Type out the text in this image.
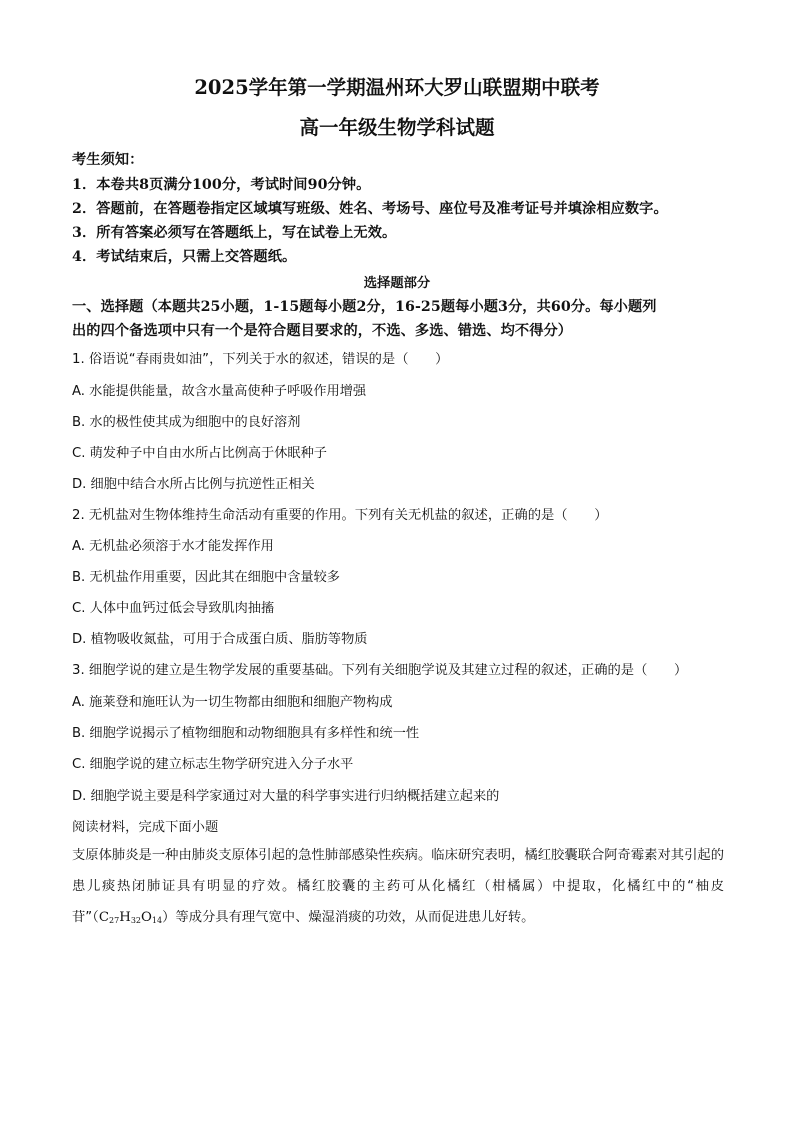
2025学年第一学期温州环大罗山联盟期中联考
高一年级生物学科试题
考生须知：
1．本卷共8页满分100分，考试时间90分钟。
2．答题前，在答题卷指定区域填写班级、姓名、考场号、座位号及准考证号并填涂相应数字。
3．所有答案必须写在答题纸上，写在试卷上无效。
4．考试结束后，只需上交答题纸。
选择题部分
一、选择题（本题共25小题，1-15题每小题2分，16-25题每小题3分，共60分。每小题列
出的四个备选项中只有一个是符合题目要求的，不选、多选、错选、均不得分）
1. 俗语说“春雨贵如油”，下列关于水的叙述，错误的是（　　）
A. 水能提供能量，故含水量高使种子呼吸作用增强
B. 水的极性使其成为细胞中的良好溶剂
C. 萌发种子中自由水所占比例高于休眠种子
D. 细胞中结合水所占比例与抗逆性正相关
2. 无机盐对生物体维持生命活动有重要的作用。下列有关无机盐的叙述，正确的是（　　）
A. 无机盐必须溶于水才能发挥作用
B. 无机盐作用重要，因此其在细胞中含量较多
C. 人体中血钙过低会导致肌肉抽搐
D. 植物吸收氮盐，可用于合成蛋白质、脂肪等物质
3. 细胞学说的建立是生物学发展的重要基础。下列有关细胞学说及其建立过程的叙述，正确的是（　　）
A. 施莱登和施旺认为一切生物都由细胞和细胞产物构成
B. 细胞学说揭示了植物细胞和动物细胞具有多样性和统一性
C. 细胞学说的建立标志生物学研究进入分子水平
D. 细胞学说主要是科学家通过对大量的科学事实进行归纳概括建立起来的
阅读材料，完成下面小题
支原体肺炎是一种由肺炎支原体引起的急性肺部感染性疾病。临床研究表明，橘红胶囊联合阿奇霉素对其引起的患儿痰热闭肺证具有明显的疗效。橘红胶囊的主药可从化橘红（柑橘属）中提取，化橘红中的“柚皮苷$”(C_{27}H_{32}O_{14})$等成分具有理气宽中、燥湿消痰的功效，从而促进患儿好转。
